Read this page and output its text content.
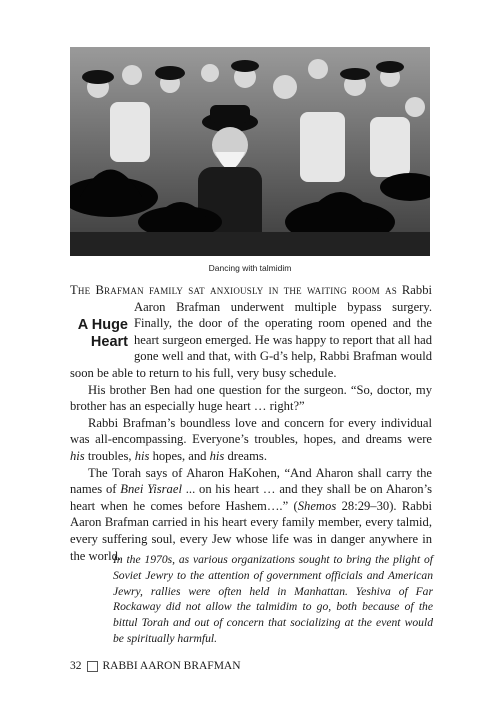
Dancing with talmidim

The Brafman family sat anxiously in the waiting room as
A Huge
Heart
Rabbi Aaron Brafman underwent multiple bypass surgery. Finally, the door of the operating room opened and the heart surgeon emerged. He was happy to report that all had gone well and that, with G-d’s help, Rabbi Brafman would soon be able to return to his full, very busy schedule.

His brother Ben had one question for the surgeon. “So, doctor, my brother has an especially huge heart … right?”

Rabbi Brafman’s boundless love and concern for every individual was all-encompassing. Everyone’s troubles, hopes, and dreams were his troubles, his hopes, and his dreams.

The Torah says of Aharon HaKohen, “And Aharon shall carry the names of Bnei Yisrael ... on his heart … and they shall be on Aharon’s heart when he comes before Hashem….” (Shemos 28:29–30). Rabbi Aaron Brafman carried in his heart every family member, every talmid, every suffering soul, every Jew whose life was in danger anywhere in the world.

In the 1970s, as various organizations sought to bring the plight of Soviet Jewry to the attention of government officials and American Jewry, rallies were often held in Manhattan. Yeshiva of Far Rockaway did not allow the talmidim to go, both because of the bittul Torah and out of concern that socializing at the event would be spiritually harmful.
32 RABBI AARON BRAFMAN
